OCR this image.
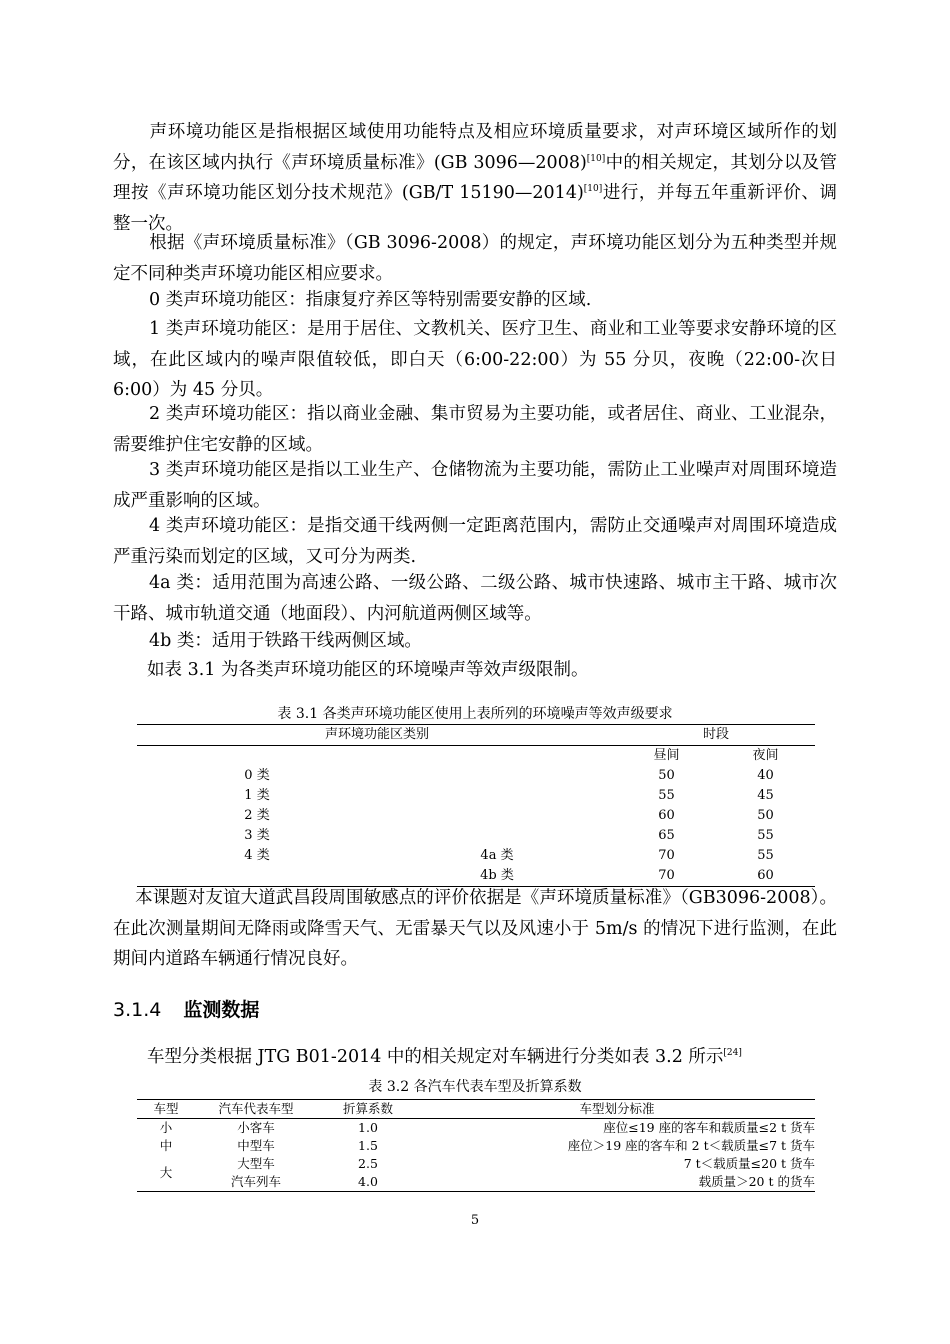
声环境功能区是指根据区域使用功能特点及相应环境质量要求，对声环境区域所作的划分，在该区域内执行《声环境质量标准》(GB 3096—2008)[10]中的相关规定，其划分以及管理按《声环境功能区划分技术规范》(GB/T 15190—2014)[10]进行，并每五年重新评价、调整一次。

根据《声环境质量标准》（GB 3096-2008）的规定，声环境功能区划分为五种类型并规定不同种类声环境功能区相应要求。

0 类声环境功能区：指康复疗养区等特别需要安静的区域.

1 类声环境功能区：是用于居住、文教机关、医疗卫生、商业和工业等要求安静环境的区域，在此区域内的噪声限值较低，即白天（6:00-22:00）为 55 分贝，夜晚（22:00-次日 6:00）为 45 分贝。

2 类声环境功能区：指以商业金融、集市贸易为主要功能，或者居住、商业、工业混杂，需要维护住宅安静的区域。

3 类声环境功能区是指以工业生产、仓储物流为主要功能，需防止工业噪声对周围环境造成严重影响的区域。

4 类声环境功能区：是指交通干线两侧一定距离范围内，需防止交通噪声对周围环境造成严重污染而划定的区域，又可分为两类.

4a 类：适用范围为高速公路、一级公路、二级公路、城市快速路、城市主干路、城市次干路、城市轨道交通（地面段）、内河航道两侧区域等。

4b 类：适用于铁路干线两侧区域。

如表 3.1 为各类声环境功能区的环境噪声等效声级限制。

表 3.1 各类声环境功能区使用上表所列的环境噪声等效声级要求
声环境功能区类别		时段	
			昼间	夜间
0 类			50	40
1 类			55	45
2 类			60	50
3 类			65	55
4 类	4a 类		70	55
	4b 类		70	60

本课题对友谊大道武昌段周围敏感点的评价依据是《声环境质量标准》（GB3096-2008）。在此次测量期间无降雨或降雪天气、无雷暴天气以及风速小于 5m/s 的情况下进行监测，在此期间内道路车辆通行情况良好。

3.1.4 监测数据

车型分类根据 JTG B01-2014 中的相关规定对车辆进行分类如表 3.2 所示[24]

表 3.2 各汽车代表车型及折算系数
车型	汽车代表车型	折算系数	车型划分标准
小	小客车	1.0	座位≤19 座的客车和载质量≤2 t 货车
中	中型车	1.5	座位＞19 座的客车和 2 t＜载质量≤7 t 货车
大	大型车	2.5	7 t＜载质量≤20 t 货车
	汽车列车	4.0	载质量＞20 t 的货车
5
